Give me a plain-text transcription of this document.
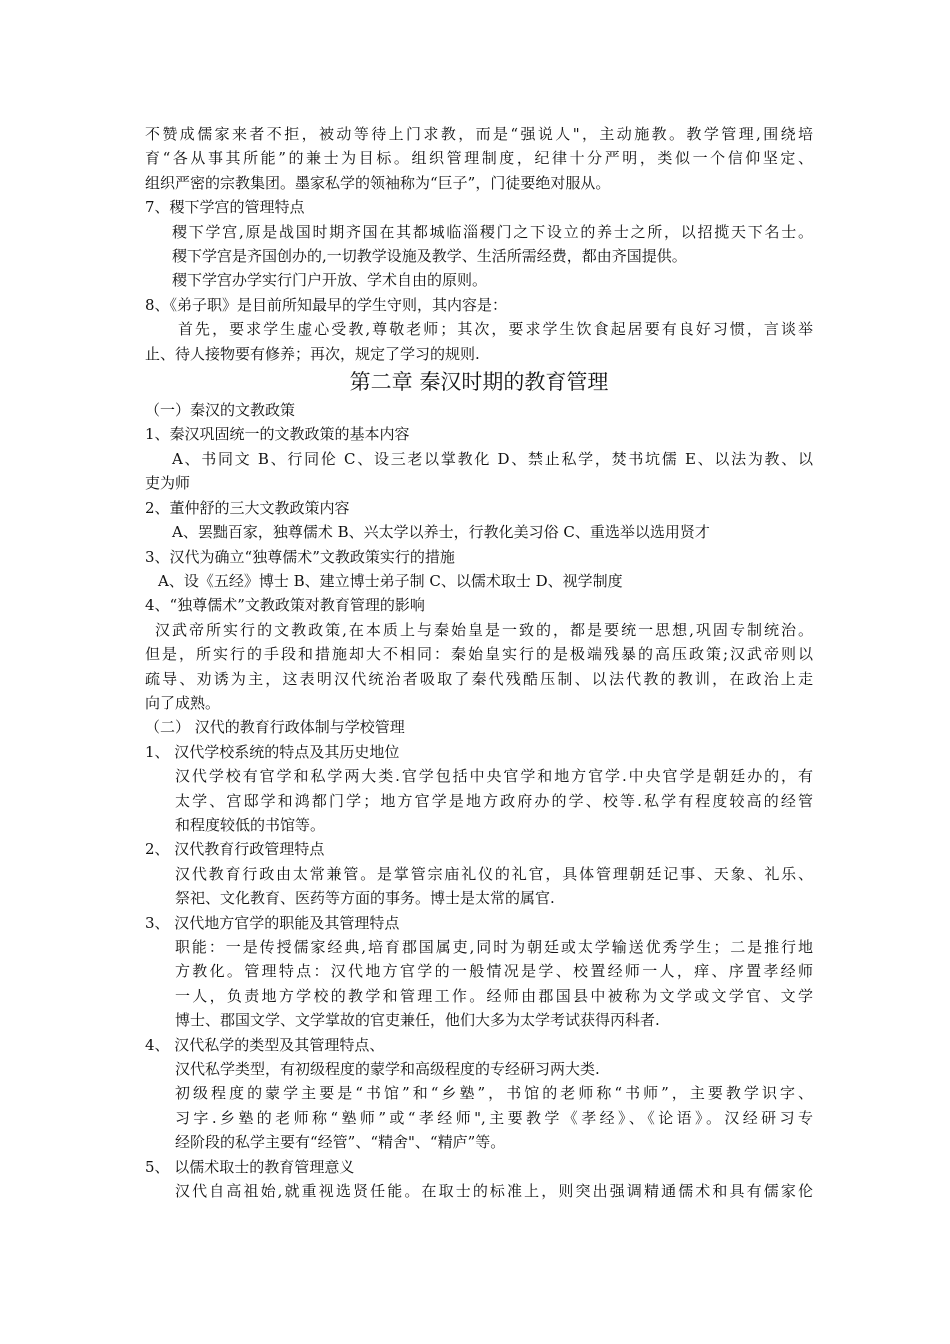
不赞成儒家来者不拒，被动等待上门求教，而是“强说人"，主动施教。教学管理,围绕培
育“各从事其所能”的兼士为目标。组织管理制度，纪律十分严明，类似一个信仰坚定、
组织严密的宗教集团。墨家私学的领袖称为“巨子”，门徒要绝对服从。
7、稷下学宫的管理特点
稷下学宫,原是战国时期齐国在其都城临淄稷门之下设立的养士之所，以招揽天下名士。
稷下学宫是齐国创办的,一切教学设施及教学、生活所需经费，都由齐国提供。
稷下学宫办学实行门户开放、学术自由的原则。
8、《弟子职》是目前所知最早的学生守则，其内容是：
首先，要求学生虚心受教,尊敬老师；其次，要求学生饮食起居要有良好习惯，言谈举
止、待人接物要有修养；再次，规定了学习的规则.
第二章 秦汉时期的教育管理
（一）秦汉的文教政策
1、秦汉巩固统一的文教政策的基本内容
A、书同文 B、行同伦 C、设三老以掌教化 D、禁止私学，焚书坑儒 E、以法为教、以
吏为师
2、董仲舒的三大文教政策内容
A、罢黜百家，独尊儒术 B、兴太学以养士，行教化美习俗 C、重选举以选用贤才
3、汉代为确立“独尊儒术”文教政策实行的措施
A、设《五经》博士 B、建立博士弟子制 C、以儒术取士 D、视学制度
4、“独尊儒术”文教政策对教育管理的影响
汉武帝所实行的文教政策,在本质上与秦始皇是一致的，都是要统一思想,巩固专制统治。
但是，所实行的手段和措施却大不相同：秦始皇实行的是极端残暴的高压政策;汉武帝则以
疏导、劝诱为主，这表明汉代统治者吸取了秦代残酷压制、以法代教的教训，在政治上走
向了成熟。
（二） 汉代的教育行政体制与学校管理
1、 汉代学校系统的特点及其历史地位
汉代学校有官学和私学两大类.官学包括中央官学和地方官学.中央官学是朝廷办的，有
太学、宫邸学和鸿都门学；地方官学是地方政府办的学、校等.私学有程度较高的经管
和程度较低的书馆等。
2、 汉代教育行政管理特点
汉代教育行政由太常兼管。是掌管宗庙礼仪的礼官，具体管理朝廷记事、天象、礼乐、
祭祀、文化教育、医药等方面的事务。博士是太常的属官.
3、 汉代地方官学的职能及其管理特点
职能：一是传授儒家经典,培育郡国属吏,同时为朝廷或太学输送优秀学生；二是推行地
方教化。管理特点：汉代地方官学的一般情况是学、校置经师一人，痒、序置孝经师
一人，负责地方学校的教学和管理工作。经师由郡国县中被称为文学或文学官、文学
博士、郡国文学、文学掌故的官吏兼任，他们大多为太学考试获得丙科者.
4、 汉代私学的类型及其管理特点、
汉代私学类型，有初级程度的蒙学和高级程度的专经研习两大类.
初级程度的蒙学主要是“书馆”和“乡塾”，书馆的老师称“书师”，主要教学识字、
习字.乡塾的老师称“塾师”或“孝经师",主要教学《孝经》、《论语》。汉经研习专
经阶段的私学主要有“经管”、“精舍"、“精庐”等。
5、 以儒术取士的教育管理意义
汉代自高祖始,就重视选贤任能。在取士的标准上，则突出强调精通儒术和具有儒家伦
